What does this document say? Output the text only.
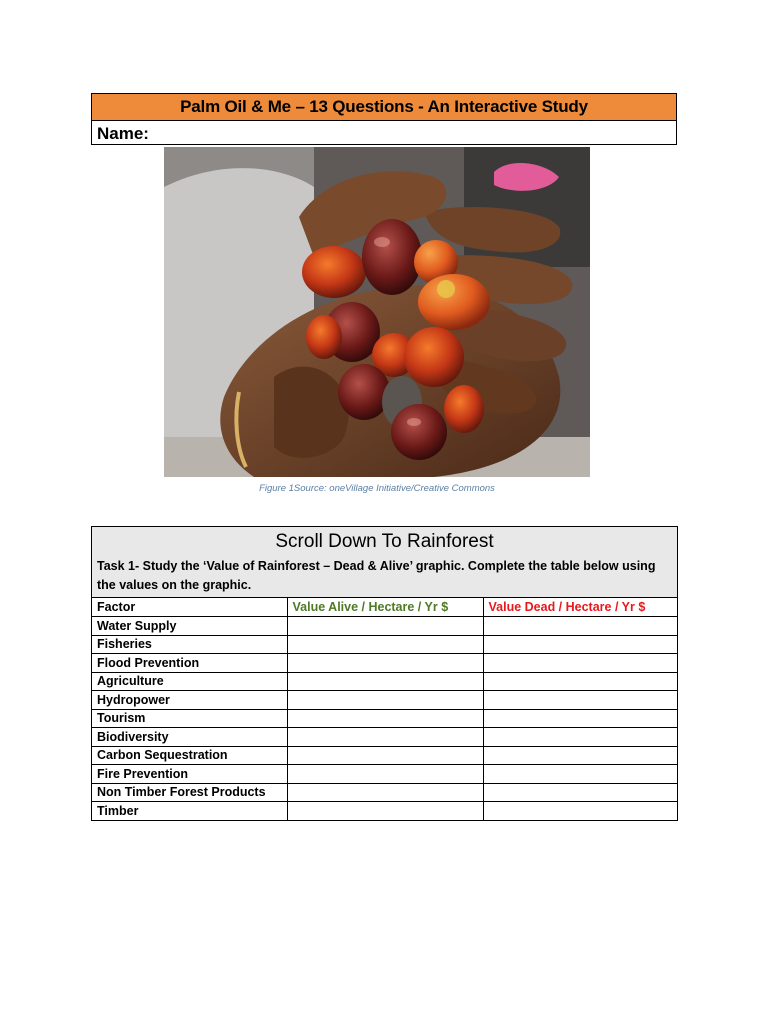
Palm Oil & Me – 13 Questions - An Interactive Study
Name:
Figure 1Source: oneVillage Initiative/Creative Commons
Scroll Down To Rainforest
Task 1- Study the ‘Value of Rainforest – Dead & Alive’ graphic. Complete the table below using the values on the graphic.
Factor	Value Alive / Hectare / Yr $	Value Dead / Hectare / Yr $
Water Supply		
Fisheries		
Flood Prevention		
Agriculture		
Hydropower		
Tourism		
Biodiversity		
Carbon Sequestration		
Fire Prevention		
Non Timber Forest Products		
Timber		
